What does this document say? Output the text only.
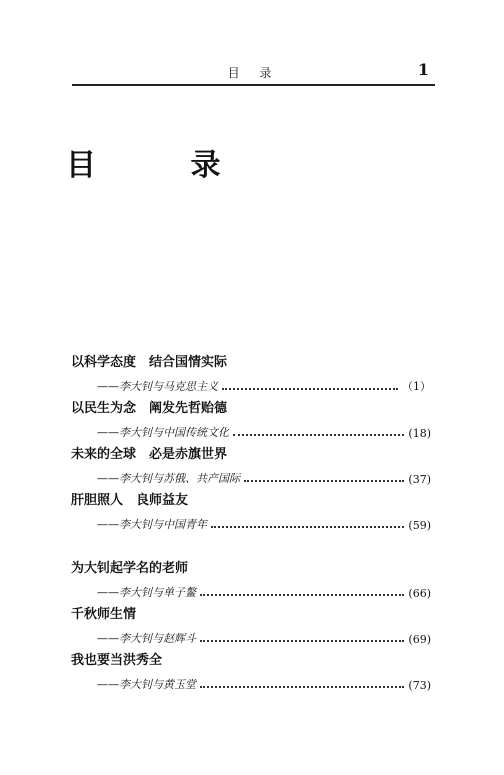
目 录	1
目 录
以科学态度　结合国情实际
——李大钊与马克思主义	（1）
以民生为念　阐发先哲贻德
——李大钊与中国传统文化	(18)
未来的全球　必是赤旗世界
——李大钊与苏俄、共产国际	(37)
肝胆照人　良师益友
——李大钊与中国青年	(59)
为大钊起学名的老师
——李大钊与单子鳌	(66)
千秋师生情
——李大钊与赵辉斗	(69)
我也要当洪秀全
——李大钊与黄玉堂	(73)
